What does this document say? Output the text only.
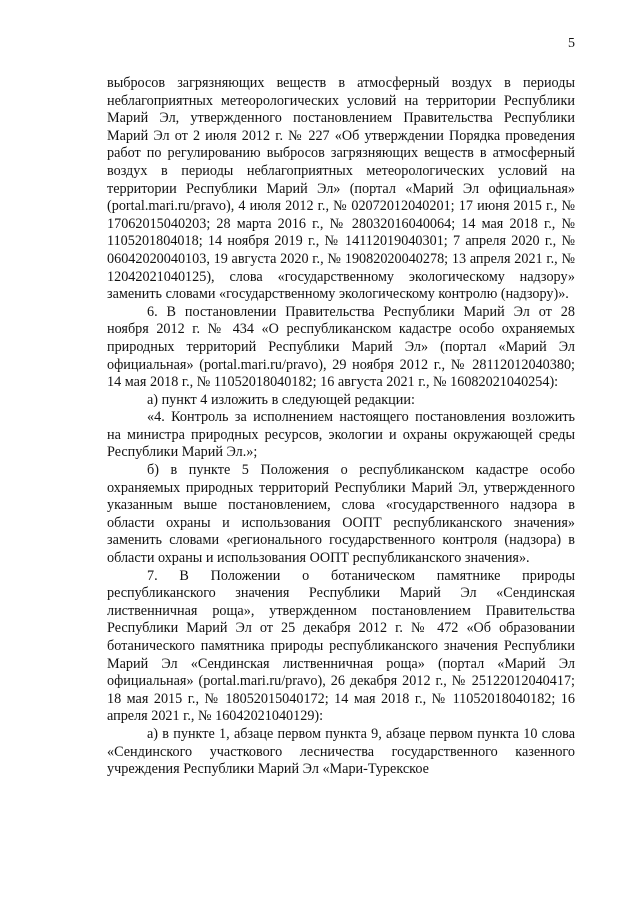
5

выбросов загрязняющих веществ в атмосферный воздух в периоды неблагоприятных метеорологических условий на территории Республики Марий Эл, утвержденного постановлением Правительства Республики Марий Эл от 2 июля 2012 г. № 227 «Об утверждении Порядка проведения работ по регулированию выбросов загрязняющих веществ в атмосферный воздух в периоды неблагоприятных метеорологических условий на территории Республики Марий Эл» (портал «Марий Эл официальная» (portal.mari.ru/pravo), 4 июля 2012 г., № 02072012040201; 17 июня 2015 г., № 17062015040203; 28 марта 2016 г., № 28032016040064; 14 мая 2018 г., № 1105201804018; 14 ноября 2019 г., № 14112019040301; 7 апреля 2020 г., № 06042020040103, 19 августа 2020 г., № 19082020040278; 13 апреля 2021 г., № 12042021040125), слова «государственному экологическому надзору» заменить словами «государственному экологическому контролю (надзору)».

6. В постановлении Правительства Республики Марий Эл от 28 ноября 2012 г. № 434 «О республиканском кадастре особо охраняемых природных территорий Республики Марий Эл» (портал «Марий Эл официальная» (portal.mari.ru/pravo), 29 ноября 2012 г., № 28112012040380; 14 мая 2018 г., № 11052018040182; 16 августа 2021 г., № 16082021040254):

а) пункт 4 изложить в следующей редакции:

«4. Контроль за исполнением настоящего постановления возложить на министра природных ресурсов, экологии и охраны окружающей среды Республики Марий Эл.»;

б) в пункте 5 Положения о республиканском кадастре особо охраняемых природных территорий Республики Марий Эл, утвержденного указанным выше постановлением, слова «государственного надзора в области охраны и использования ООПТ республиканского значения» заменить словами «регионального государственного контроля (надзора) в области охраны и использования ООПТ республиканского значения».

7. В Положении о ботаническом памятнике природы республиканского значения Республики Марий Эл «Сендинская лиственничная роща», утвержденном постановлением Правительства Республики Марий Эл от 25 декабря 2012 г. № 472 «Об образовании ботанического памятника природы республиканского значения Республики Марий Эл «Сендинская лиственничная роща» (портал «Марий Эл официальная» (portal.mari.ru/pravo), 26 декабря 2012 г., № 25122012040417; 18 мая 2015 г., № 18052015040172; 14 мая 2018 г., № 11052018040182; 16 апреля 2021 г., № 16042021040129):

а) в пункте 1, абзаце первом пункта 9, абзаце первом пункта 10 слова «Сендинского участкового лесничества государственного казенного учреждения Республики Марий Эл «Мари-Турекское
